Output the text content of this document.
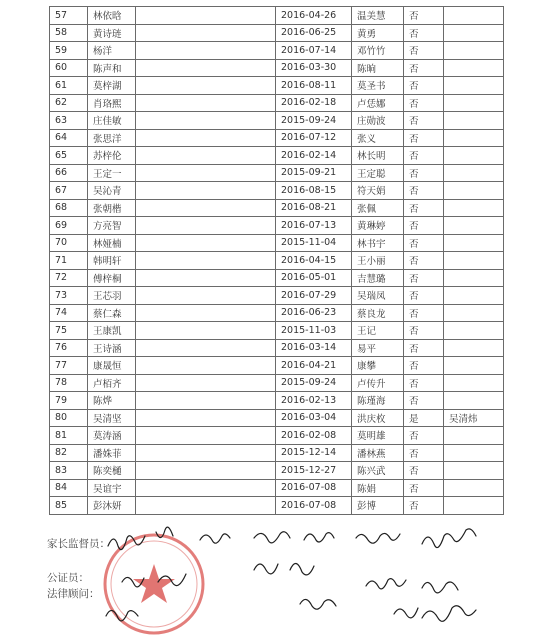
57	林依晗		2016-04-26	温美慧	否	
58	黄诗琏		2016-06-25	黄勇	否	
59	杨洋		2016-07-14	邓竹竹	否	
60	陈声和		2016-03-30	陈晌	否	
61	莫梓湖		2016-08-11	莫圣书	否	
62	肖珞熙		2016-02-18	卢恁娜	否	
63	庄佳敏		2015-09-24	庄勋波	否	
64	张思洋		2016-07-12	张义	否	
65	苏梓伦		2016-02-14	林长明	否	
66	王定一		2015-09-21	王定聪	否	
67	吴沁青		2016-08-15	符天娟	否	
68	张朝楷		2016-08-21	张佩	否	
69	方亮智		2016-07-13	黄琳婷	否	
70	林娅楠		2015-11-04	林书宇	否	
71	韩明轩		2016-04-15	王小丽	否	
72	傅梓桐		2016-05-01	吉慧璐	否	
73	王芯羽		2016-07-29	吴瑞凤	否	
74	蔡仁森		2016-06-23	蔡良龙	否	
75	王康凯		2015-11-03	王记	否	
76	王诗涵		2016-03-14	易平	否	
77	康晟恒		2016-04-21	康攀	否	
78	卢栢齐		2015-09-24	卢传升	否	
79	陈烨		2016-02-13	陈瑾海	否	
80	吴清坚		2016-03-04	洪庆枚	是	吴清炜
81	莫涛涵		2016-02-08	莫明雄	否	
82	潘姝菲		2015-12-14	潘林燕	否	
83	陈奕樋		2015-12-27	陈兴武	否	
84	吴谊宇		2016-07-08	陈娟	否	
85	彭沐妍		2016-07-08	彭博	否	
家长监督员：
公证员：
法律顾问：
